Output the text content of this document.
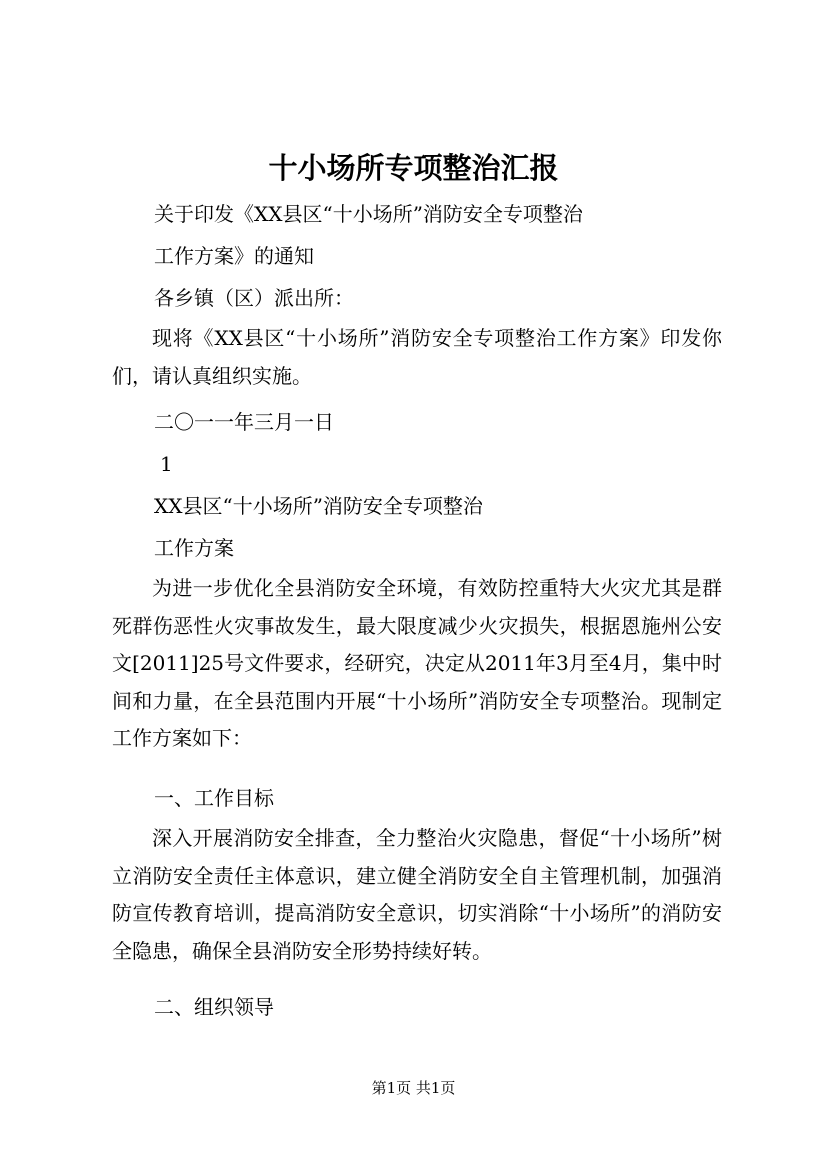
十小场所专项整治汇报

关于印发《XX县区“十小场所”消防安全专项整治

工作方案》的通知

各乡镇（区）派出所：

现将《XX县区“十小场所”消防安全专项整治工作方案》印发你们，请认真组织实施。

二〇一一年三月一日

1

XX县区“十小场所”消防安全专项整治

工作方案

为进一步优化全县消防安全环境，有效防控重特大火灾尤其是群死群伤恶性火灾事故发生，最大限度减少火灾损失，根据恩施州公安文[2011]25号文件要求，经研究，决定从2011年3月至4月，集中时间和力量，在全县范围内开展“十小场所”消防安全专项整治。现制定工作方案如下：

一、工作目标

深入开展消防安全排查，全力整治火灾隐患，督促“十小场所”树立消防安全责任主体意识，建立健全消防安全自主管理机制，加强消防宣传教育培训，提高消防安全意识，切实消除“十小场所”的消防安全隐患，确保全县消防安全形势持续好转。

二、组织领导

第1页 共1页
